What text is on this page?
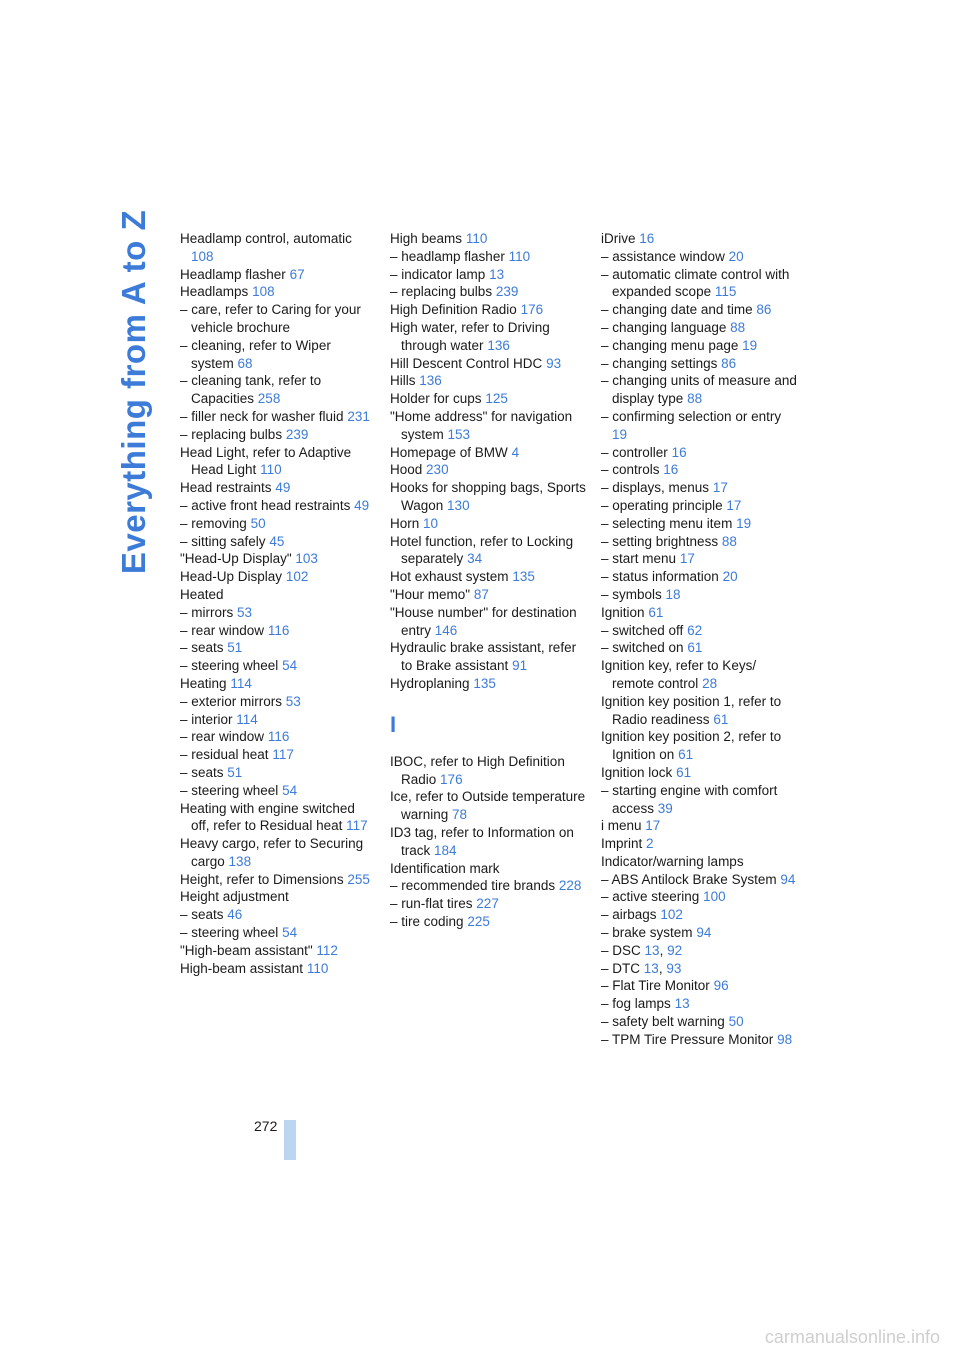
Everything from A to Z Headlamp control, automatic 108
Headlamp flasher 67
Headlamps 108
– care, refer to Caring for your vehicle brochure
– cleaning, refer to Wiper system 68
– cleaning tank, refer to Capacities 258
– filler neck for washer fluid 231
– replacing bulbs 239
Head Light, refer to Adaptive Head Light 110
Head restraints 49
– active front head restraints 49
– removing 50
– sitting safely 45
"Head-Up Display" 103
Head-Up Display 102
Heated
– mirrors 53
– rear window 116
– seats 51
– steering wheel 54
Heating 114
– exterior mirrors 53
– interior 114
– rear window 116
– residual heat 117
– seats 51
– steering wheel 54
Heating with engine switched off, refer to Residual heat 117
Heavy cargo, refer to Securing cargo 138
Height, refer to Dimensions 255
Height adjustment
– seats 46
– steering wheel 54
"High-beam assistant" 112
High-beam assistant 110
High beams 110
– headlamp flasher 110
– indicator lamp 13
– replacing bulbs 239
High Definition Radio 176
High water, refer to Driving through water 136
Hill Descent Control HDC 93
Hills 136
Holder for cups 125
"Home address" for navigation system 153
Homepage of BMW 4
Hood 230
Hooks for shopping bags, Sports Wagon 130
Horn 10
Hotel function, refer to Locking separately 34
Hot exhaust system 135
"Hour memo" 87
"House number" for destination entry 146
Hydraulic brake assistant, refer to Brake assistant 91
Hydroplaning 135
I
IBOC, refer to High Definition Radio 176
Ice, refer to Outside temperature warning 78
ID3 tag, refer to Information on track 184
Identification mark
– recommended tire brands 228
– run-flat tires 227
– tire coding 225
iDrive 16
– assistance window 20
– automatic climate control with expanded scope 115
– changing date and time 86
– changing language 88
– changing menu page 19
– changing settings 86
– changing units of measure and display type 88
– confirming selection or entry 19
– controller 16
– controls 16
– displays, menus 17
– operating principle 17
– selecting menu item 19
– setting brightness 88
– start menu 17
– status information 20
– symbols 18
Ignition 61
– switched off 62
– switched on 61
Ignition key, refer to Keys/ remote control 28
Ignition key position 1, refer to Radio readiness 61
Ignition key position 2, refer to Ignition on 61
Ignition lock 61
– starting engine with comfort access 39
i menu 17
Imprint 2
Indicator/warning lamps
– ABS Antilock Brake System 94
– active steering 100
– airbags 102
– brake system 94
– DSC 13, 92
– DTC 13, 93
– Flat Tire Monitor 96
– fog lamps 13
– safety belt warning 50
– TPM Tire Pressure Monitor 98
272
carmanualsonline.info
